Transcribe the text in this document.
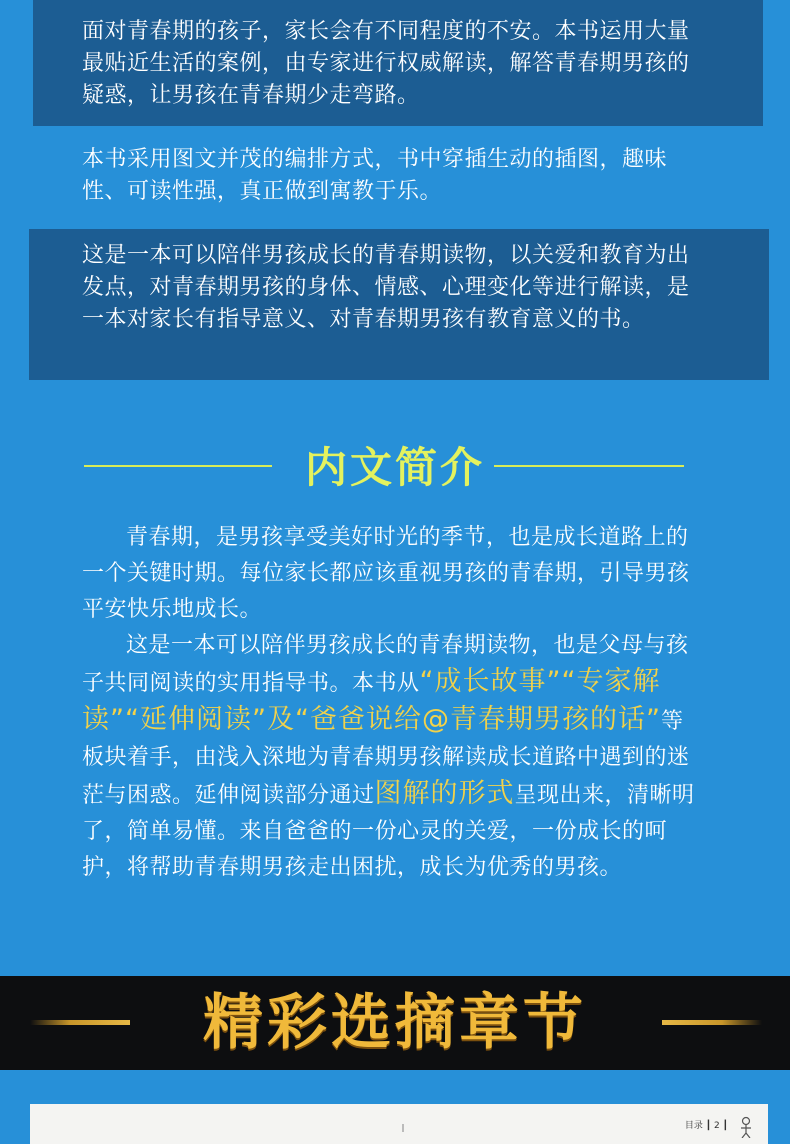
面对青春期的孩子，家长会有不同程度的不安。本书运用大量最贴近生活的案例，由专家进行权威解读，解答青春期男孩的疑惑，让男孩在青春期少走弯路。

本书采用图文并茂的编排方式，书中穿插生动的插图，趣味性、可读性强，真正做到寓教于乐。

这是一本可以陪伴男孩成长的青春期读物，以关爱和教育为出发点，对青春期男孩的身体、情感、心理变化等进行解读，是一本对家长有指导意义、对青春期男孩有教育意义的书。

内文简介

青春期，是男孩享受美好时光的季节，也是成长道路上的一个关键时期。每位家长都应该重视男孩的青春期，引导男孩平安快乐地成长。

这是一本可以陪伴男孩成长的青春期读物，也是父母与孩子共同阅读的实用指导书。本书从“成长故事”“专家解读”“延伸阅读”及“爸爸说给@青春期男孩的话”等板块着手，由浅入深地为青春期男孩解读成长道路中遇到的迷茫与困惑。延伸阅读部分通过图解的形式呈现出来，清晰明了，简单易懂。来自爸爸的一份心灵的关爱，一份成长的呵护，将帮助青春期男孩走出困扰，成长为优秀的男孩。

精彩选摘章节
目录 ┃ 2 ┃
